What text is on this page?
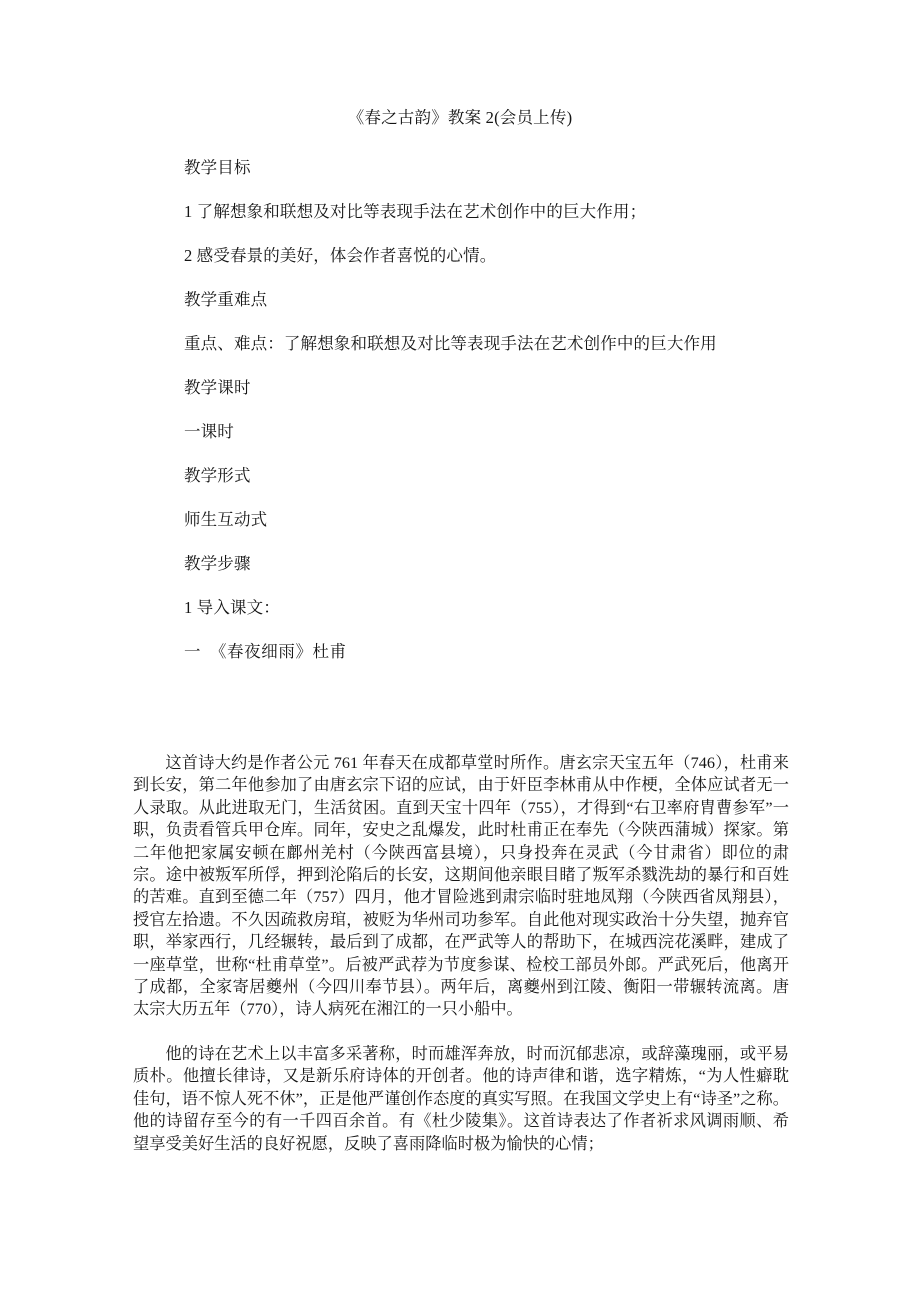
《春之古韵》教案 2(会员上传)

教学目标

1 了解想象和联想及对比等表现手法在艺术创作中的巨大作用；

2 感受春景的美好，体会作者喜悦的心情。

教学重难点

重点、难点：了解想象和联想及对比等表现手法在艺术创作中的巨大作用

教学课时

一课时

教学形式

师生互动式

教学步骤

1 导入课文：

一　《春夜细雨》杜甫

这首诗大约是作者公元 761 年春天在成都草堂时所作。唐玄宗天宝五年（746），杜甫来到长安，第二年他参加了由唐玄宗下诏的应试，由于奸臣李林甫从中作梗，全体应试者无一人录取。从此进取无门，生活贫困。直到天宝十四年（755），才得到“右卫率府胄曹参军”一职，负责看管兵甲仓库。同年，安史之乱爆发，此时杜甫正在奉先（今陕西蒲城）探家。第二年他把家属安顿在鄜州羌村（今陕西富县境），只身投奔在灵武（今甘肃省）即位的肃宗。途中被叛军所俘，押到沦陷后的长安，这期间他亲眼目睹了叛军杀戮洗劫的暴行和百姓的苦难。直到至德二年（757）四月，他才冒险逃到肃宗临时驻地凤翔（今陕西省凤翔县），授官左拾遗。不久因疏救房琯，被贬为华州司功参军。自此他对现实政治十分失望，抛弃官职，举家西行，几经辗转，最后到了成都，在严武等人的帮助下，在城西浣花溪畔，建成了一座草堂，世称“杜甫草堂”。后被严武荐为节度参谋、检校工部员外郎。严武死后，他离开了成都，全家寄居夔州（今四川奉节县）。两年后，离夔州到江陵、衡阳一带辗转流离。唐太宗大历五年（770），诗人病死在湘江的一只小船中。

他的诗在艺术上以丰富多采著称，时而雄浑奔放，时而沉郁悲凉，或辞藻瑰丽，或平易质朴。他擅长律诗，又是新乐府诗体的开创者。他的诗声律和谐，选字精炼，“为人性癖耽佳句，语不惊人死不休”，正是他严谨创作态度的真实写照。在我国文学史上有“诗圣”之称。他的诗留存至今的有一千四百余首。有《杜少陵集》。这首诗表达了作者祈求风调雨顺、希望享受美好生活的良好祝愿，反映了喜雨降临时极为愉快的心情；
